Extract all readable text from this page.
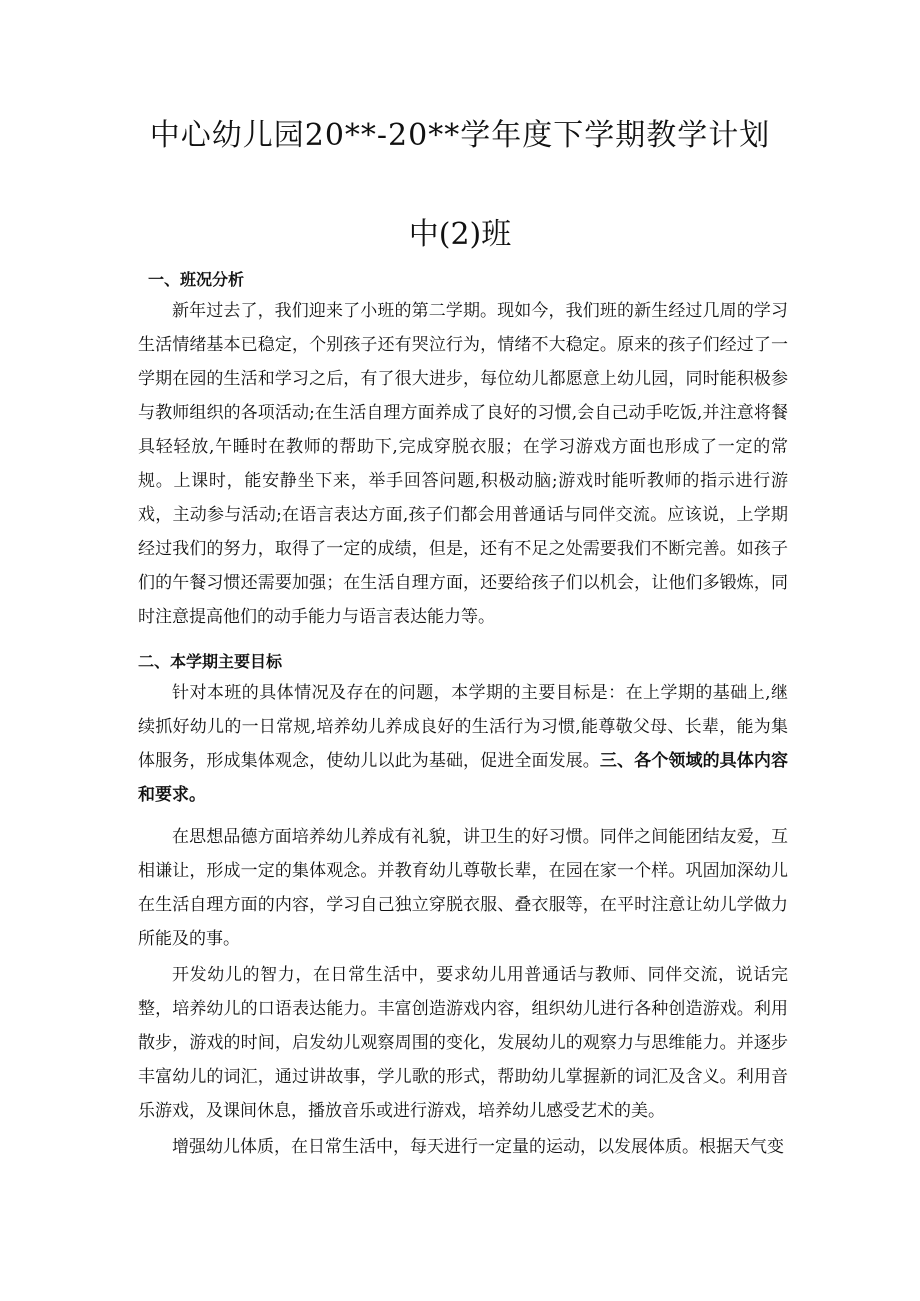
中心幼儿园20**-20**学年度下学期教学计划
中(2)班
一、班况分析

新年过去了，我们迎来了小班的第二学期。现如今，我们班的新生经过几周的学习生活情绪基本已稳定，个别孩子还有哭泣行为，情绪不大稳定。原来的孩子们经过了一学期在园的生活和学习之后，有了很大进步，每位幼儿都愿意上幼儿园，同时能积极参与教师组织的各项活动;在生活自理方面养成了良好的习惯,会自己动手吃饭,并注意将餐具轻轻放,午睡时在教师的帮助下,完成穿脱衣服；在学习游戏方面也形成了一定的常规。上课时，能安静坐下来，举手回答问题,积极动脑;游戏时能听教师的指示进行游戏，主动参与活动;在语言表达方面,孩子们都会用普通话与同伴交流。应该说，上学期经过我们的努力，取得了一定的成绩，但是，还有不足之处需要我们不断完善。如孩子们的午餐习惯还需要加强；在生活自理方面，还要给孩子们以机会，让他们多锻炼，同时注意提高他们的动手能力与语言表达能力等。

二、本学期主要目标

针对本班的具体情况及存在的问题，本学期的主要目标是：在上学期的基础上,继续抓好幼儿的一日常规,培养幼儿养成良好的生活行为习惯,能尊敬父母、长辈，能为集体服务，形成集体观念，使幼儿以此为基础，促进全面发展。三、各个领域的具体内容和要求。

在思想品德方面培养幼儿养成有礼貌，讲卫生的好习惯。同伴之间能团结友爱，互相谦让，形成一定的集体观念。并教育幼儿尊敬长辈，在园在家一个样。巩固加深幼儿在生活自理方面的内容，学习自己独立穿脱衣服、叠衣服等，在平时注意让幼儿学做力所能及的事。

开发幼儿的智力，在日常生活中，要求幼儿用普通话与教师、同伴交流，说话完整，培养幼儿的口语表达能力。丰富创造游戏内容，组织幼儿进行各种创造游戏。利用散步，游戏的时间，启发幼儿观察周围的变化，发展幼儿的观察力与思维能力。并逐步丰富幼儿的词汇，通过讲故事，学儿歌的形式，帮助幼儿掌握新的词汇及含义。利用音乐游戏，及课间休息，播放音乐或进行游戏，培养幼儿感受艺术的美。

增强幼儿体质，在日常生活中，每天进行一定量的运动，以发展体质。根据天气变
